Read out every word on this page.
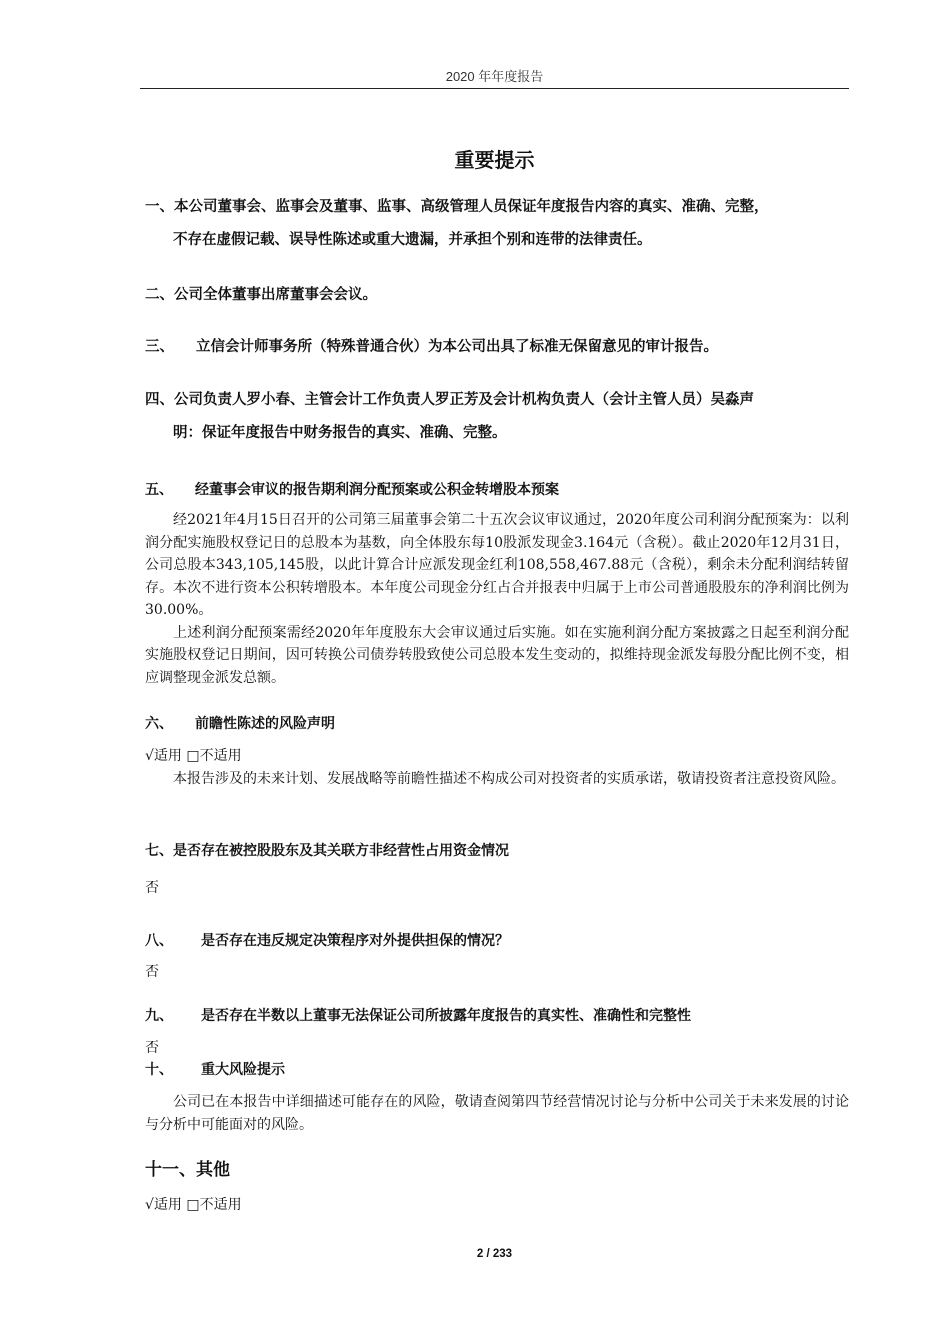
2020 年年度报告
重要提示
一、本公司董事会、监事会及董事、监事、高级管理人员保证年度报告内容的真实、准确、完整，
不存在虚假记载、误导性陈述或重大遗漏，并承担个别和连带的法律责任。
二、公司全体董事出席董事会会议。
三、 立信会计师事务所（特殊普通合伙）为本公司出具了标准无保留意见的审计报告。
四、公司负责人罗小春、主管会计工作负责人罗正芳及会计机构负责人（会计主管人员）吴淼声
明：保证年度报告中财务报告的真实、准确、完整。
五、 经董事会审议的报告期利润分配预案或公积金转增股本预案
经2021年4月15日召开的公司第三届董事会第二十五次会议审议通过，2020年度公司利润分配预案为：以利润分配实施股权登记日的总股本为基数，向全体股东每10股派发现金3.164元（含税）。截止2020年12月31日，公司总股本343,105,145股，以此计算合计应派发现金红利108,558,467.88元（含税），剩余未分配利润结转留存。本次不进行资本公积转增股本。本年度公司现金分红占合并报表中归属于上市公司普通股股东的净利润比例为30.00%。
上述利润分配预案需经2020年年度股东大会审议通过后实施。如在实施利润分配方案披露之日起至利润分配实施股权登记日期间，因可转换公司债券转股致使公司总股本发生变动的，拟维持现金派发每股分配比例不变，相应调整现金派发总额。
六、 前瞻性陈述的风险声明
√适用 □不适用
本报告涉及的未来计划、发展战略等前瞻性描述不构成公司对投资者的实质承诺，敬请投资者注意投资风险。
七、是否存在被控股股东及其关联方非经营性占用资金情况
否
八、 是否存在违反规定决策程序对外提供担保的情况？
否
九、 是否存在半数以上董事无法保证公司所披露年度报告的真实性、准确性和完整性
否
十、 重大风险提示
公司已在本报告中详细描述可能存在的风险，敬请查阅第四节经营情况讨论与分析中公司关于未来发展的讨论与分析中可能面对的风险。
十一、其他
√适用 □不适用
2 / 233
